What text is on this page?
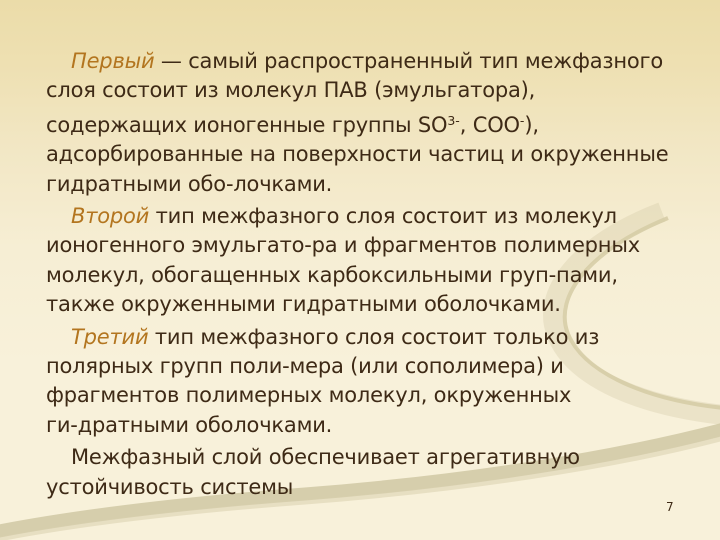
Первый — самый распространенный тип межфазного
слоя состоит из молекул ПАВ (эмульгатора),
содержащих ионогенные группы $SO^{3-}$, COO-),
адсорбированные на поверхности частиц и окруженные
гидратными обо-лочками.
Второй тип межфазного слоя состоит из молекул
ионогенного эмульгато-ра и фрагментов полимерных
молекул, обогащенных карбоксильными груп-пами,
также окруженными гидратными оболочками.
Третий тип межфазного слоя состоит только из
полярных групп поли-мера (или сополимера) и
фрагментов полимерных молекул, окруженных
ги-дратными оболочками.
Межфазный слой обеспечивает агрегативную
устойчивость системы
7
